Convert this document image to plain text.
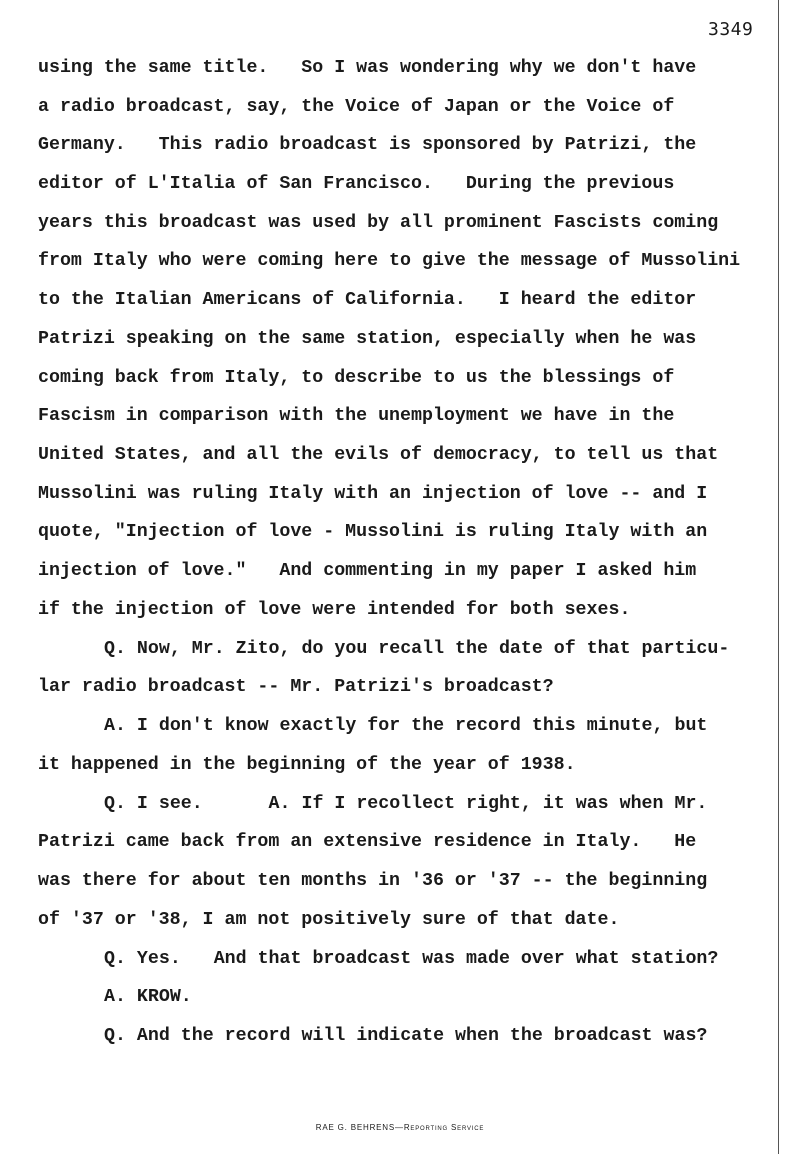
3349
using the same title.   So I was wondering why we don't have
a radio broadcast, say, the Voice of Japan or the Voice of
Germany.   This radio broadcast is sponsored by Patrizi, the
editor of L'Italia of San Francisco.   During the previous
years this broadcast was used by all prominent Fascists coming
from Italy who were coming here to give the message of Mussolini
to the Italian Americans of California.   I heard the editor
Patrizi speaking on the same station, especially when he was
coming back from Italy, to describe to us the blessings of
Fascism in comparison with the unemployment we have in the
United States, and all the evils of democracy, to tell us that
Mussolini was ruling Italy with an injection of love -- and I
quote, "Injection of love - Mussolini is ruling Italy with an
injection of love."   And commenting in my paper I asked him
if the injection of love were intended for both sexes.
Q. Now, Mr. Zito, do you recall the date of that particu-
lar radio broadcast -- Mr. Patrizi's broadcast?
A. I don't know exactly for the record this minute, but
it happened in the beginning of the year of 1938.
Q. I see.      A. If I recollect right, it was when Mr.
Patrizi came back from an extensive residence in Italy.   He
was there for about ten months in '36 or '37 -- the beginning
of '37 or '38, I am not positively sure of that date.
Q. Yes.   And that broadcast was made over what station?
A. KROW.
Q. And the record will indicate when the broadcast was?
RAE G. BEHRENS—Reporting Service
